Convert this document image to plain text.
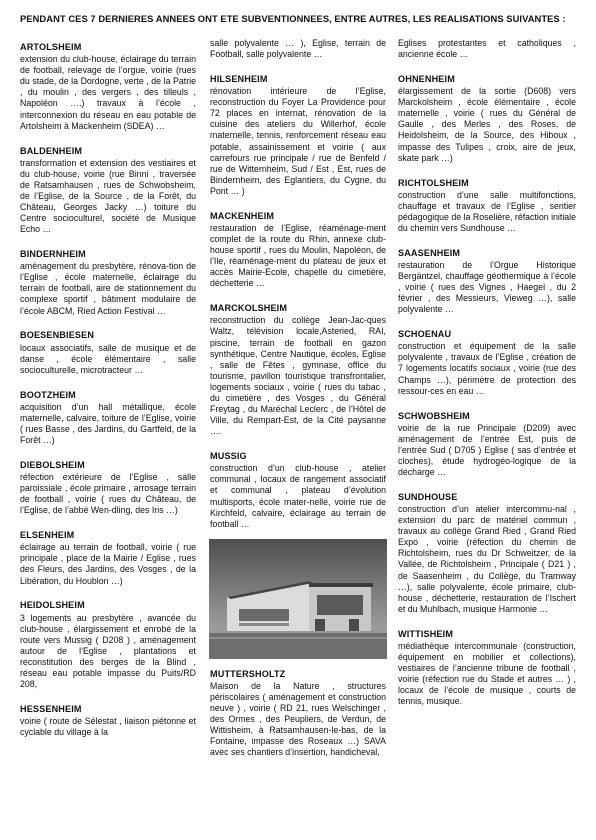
PENDANT CES 7 DERNIERES ANNEES ONT ETE SUBVENTIONNEES, ENTRE AUTRES, LES REALISATIONS SUIVANTES :
ARTOLSHEIM
extension du club-house, éclairage du terrain de football, relevage de l’orgue, voirie (rues du stade, de la Dordogne, verte , de la Patrie , du moulin , des vergers , des tilleuls , Napoléon ….) travaux à l’école , interconnexion du réseau en eau potable de Artolsheim à Mackenheim (SDEA) …
BALDENHEIM
transformation et extension des vestiaires et du club-house, voirie (rue Binni , traversée de Ratsamhausen , rues de Schwobsheim, de l’Eglise, de la Source , de la Forêt, du Château, Georges Jacky …) toiture du Centre socioculturel, société de Musique Echo …
BINDERNHEIM
aménagement du presbytère, rénova-tion de l’Eglise , école maternelle, éclairage du terrain de football, aire de stationnement du complexe sportif , bâtiment modulaire de l’école ABCM, Ried Action Festival …
BOESENBIESEN
locaux associatifs, salle de musique et de danse , école élémentaire , salle socioculturelle, microtracteur …
BOOTZHEIM
acquisition d’un hall métallique, école maternelle, calvaire, toiture de l’Eglise, voirie ( rues Basse , des Jardins, du Gartfeld, de la Forêt …)
DIEBOLSHEIM
réfection extérieure de l’Eglise , salle paroissiale , école primaire , arrosage terrain de football , voirie ( rues du Château, de l’Eglise, de l’abbé Wen-dling, des Iris …)
ELSENHEIM
éclairage au terrain de football, voirie ( rue principale , place de la Mairie / Eglise , rues des Fleurs, des Jardins, des Vosges , de la Libération, du Houblon …)
HEIDOLSHEIM
3 logements au presbytère , avancée du club-house , élargissement et enrobé de la route vers Mussig ( D208 ) , aménagement autour de l’Eglise , plantations et reconstitution des berges de la Blind , réseau eau potable impasse du Puits/RD 208,
HESSENHEIM
voirie ( route de Sélestat , liaison piétonne et cyclable du village à la
salle polyvalente … ), Eglise, terrain de Football, salle polyvalente …
HILSENHEIM
rénovation intérieure de l’Eglise, reconstruction du Foyer La Providence pour 72 places en internat, rénovation de la cuisine des ateliers du Willerhof, école maternelle, tennis, renforcement réseau eau potable, assainissement et voirie ( aux carrefours rue principale / rue de Benfeld / rue de Witternheim, Sud / Est , Est, rues de Bindernheim, des Eglantiers, du Cygne, du Pont … )
MACKENHEIM
restauration de l’Eglise, réaménage-ment complet de la route du Rhin, annexe club-house sportif , rues du Moulin, Napoléon, de l’Ile, réaménage-ment du plateau de jeux et accès Mairie-Ecole, chapelle du cimetière, déchetterie …
MARCKOLSHEIM
reconstruction du collège Jean-Jac-ques Waltz, télévision locale,Asteried, RAI, piscine, terrain de football en gazon synthétique, Centre Nautique, écoles, Eglise , salle de Fêtes , gymnase, office du tourisme, pavillon touristique transfrontalier, logements sociaux , voirie ( rues du tabac , du cimetière , des Vosges , du Général Freytag , du Maréchal Leclerc , de l’Hôtel de Ville, du Rempart-Est, de la Cité paysanne ….
MUSSIG
construction d’un club-house , atelier communal , locaux de rangement associatif et communal , plateau d’évolution multisports, école mater-nelle, voirie rue de Kirchfeld, calvaire, éclairage au terrain de football …
MUTTERSHOLTZ
Maison de la Nature , structures périscolaires ( aménagement et construction neuve ) , voirie ( RD 21, rues Welschinger , des Ormes , des Peupliers, de Verdun, de Wittisheim, à Ratsamhausen-le-bas, de la Fontaine, impasse des Roseaux …) SAVA avec ses chantiers d’insertion, handicheval,
Eglises protestantes et catholiques , ancienne école …
OHNENHEIM
élargissement de la sortie (D608) vers Marckolsheim , école élémentaire , école maternelle , voirie ( rues du Général de Gaulle , des Merles , des Roses, de Heidolsheim, de la Source, des Hiboux , impasse des Tulipes , croix, aire de jeux, skate park …)
RICHTOLSHEIM
construction d’une salle multifonctions, chauffage et travaux de l’Eglise , sentier pédagogique de la Roselière, réfaction initiale du chemin vers Sundhouse …
SAASENHEIM
restauration de l’Orgue Historique Bergäntzel, chauffage géothermique à l’école , voirie ( rues des Vignes , Haegel , du 2 février , des Messieurs, Vieweg …), salle polyvalente …
SCHOENAU
construction et équipement de la salle polyvalente , travaux de l’Eglise , création de 7 logements locatifs sociaux , voirie (rue des Champs …), périmètre de protection des ressour-ces en eau …
SCHWOBSHEIM
voirie de la rue Principale (D209) avec aménagement de l’entrée Est, puis de l’entrée Sud ( D705 ) Eglise ( sas d’entrée et cloches), étude hydrogéo-logique de la décharge …
SUNDHOUSE
construction d’un atelier intercommu-nal , extension du parc de matériel commun , travaux au collège Grand Ried , Grand Ried Expo , voirie (réfection du chemin de Richtolsheim, rues du Dr Schweitzer, de la Vallée, de Richtolsheim , Principale ( D21 ) , de Saasenheim , du Collège, du Tramway …), salle polyvalente, école primaire, club-house , déchetterie, restauration de l’Ischert et du Muhlbach, musique Harmonie …
WITTISHEIM
médiathèque intercommunale (construction, équipement en mobilier et collections), vestiaires de l’ancienne tribune de football , voirie (réfection rue du Stade et autres … ) , locaux de l’école de musique , courts de tennis, musique.
